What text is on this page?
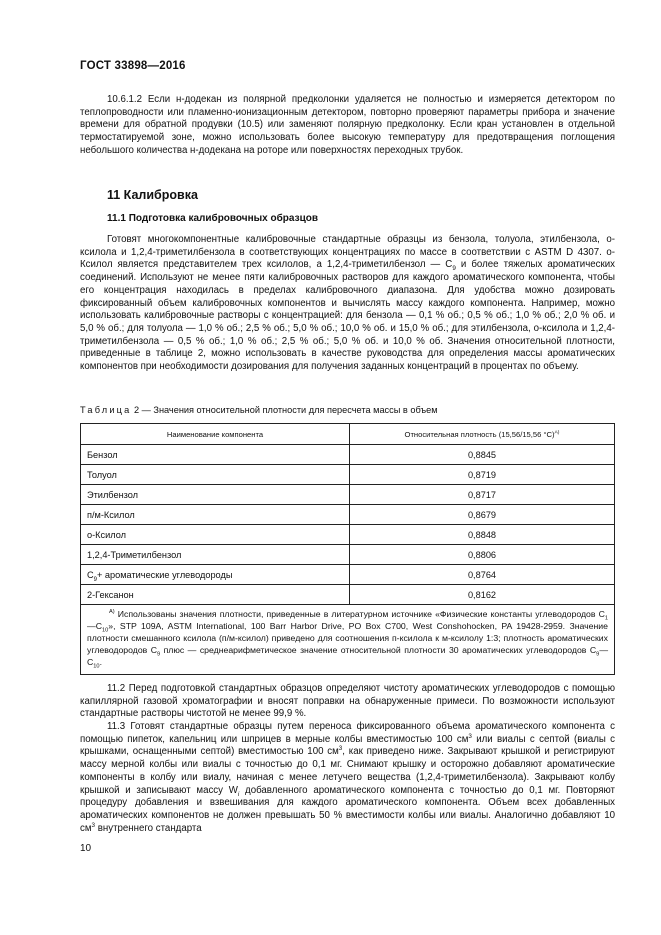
ГОСТ 33898—2016
10.6.1.2 Если н-додекан из полярной предколонки удаляется не полностью и измеряется детектором по теплопроводности или пламенно-ионизационным детектором, повторно проверяют параметры прибора и значение времени для обратной продувки (10.5) или заменяют полярную предколонку. Если кран установлен в отдельной термостатируемой зоне, можно использовать более высокую температуру для предотвращения поглощения небольшого количества н-додекана на роторе или поверхностях переходных трубок.
11 Калибровка
11.1 Подготовка калибровочных образцов
Готовят многокомпонентные калибровочные стандартные образцы из бензола, толуола, этилбензола, о-ксилола и 1,2,4-триметилбензола в соответствующих концентрациях по массе в соответствии с ASTM D 4307. о-Ксилол является представителем трех ксилолов, а 1,2,4-триметилбензол — $C_9$ и более тяжелых ароматических соединений. Используют не менее пяти калибровочных растворов для каждого ароматического компонента, чтобы его концентрация находилась в пределах калибровочного диапазона. Для удобства можно дозировать фиксированный объем калибровочных компонентов и вычислять массу каждого компонента. Например, можно использовать калибровочные растворы с концентрацией: для бензола — 0,1 % об.; 0,5 % об.; 1,0 % об.; 2,0 % об. и 5,0 % об.; для толуола — 1,0 % об.; 2,5 % об.; 5,0 % об.; 10,0 % об. и 15,0 % об.; для этилбензола, о-ксилола и 1,2,4-триметилбензола — 0,5 % об.; 1,0 % об.; 2,5 % об.; 5,0 % об. и 10,0 % об. Значения относительной плотности, приведенные в таблице 2, можно использовать в качестве руководства для определения массы ароматических компонентов при необходимости дозирования для получения заданных концентраций в процентах по объему.
Таблица 2 — Значения относительной плотности для пересчета массы в объем
Наименование компонента	Относительная плотность (15,56/15,56 °С)$^{А)}$
Бензол	0,8845
Толуол	0,8719
Этилбензол	0,8717
п/м-Ксилол	0,8679
о-Ксилол	0,8848
1,2,4-Триметилбензол	0,8806
$C_9+$ ароматические углеводороды	0,8764
2-Гексанон	0,8162
$^{А)}$ Использованы значения плотности, приведенные в литературном источнике «Физические константы углеводородов $C_1—C_{10}$», STP 109A, ASTM International, 100 Barr Harbor Drive, PO Box C700, West Conshohocken, PA 19428-2959. Значение плотности смешанного ксилола (п/м-ксилол) приведено для соотношения п-ксилола к м-ксилолу 1:3; плотность ароматических углеводородов $C_9$ плюс — среднеарифметическое значение относительной плотности 30 ароматических углеводородов $C_9—C_{10}$.	
11.2 Перед подготовкой стандартных образцов определяют чистоту ароматических углеводородов с помощью капиллярной газовой хроматографии и вносят поправки на обнаруженные примеси. По возможности используют стандартные растворы чистотой не менее 99,9 %.
11.3 Готовят стандартные образцы путем переноса фиксированного объема ароматического компонента с помощью пипеток, капельниц или шприцев в мерные колбы вместимостью 100 $см^3$ или виалы с септой (виалы с крышками, оснащенными септой) вместимостью 100 $см^3$, как приведено ниже. Закрывают крышкой и регистрируют массу мерной колбы или виалы с точностью до 0,1 мг. Снимают крышку и осторожно добавляют ароматические компоненты в колбу или виалу, начиная с менее летучего вещества (1,2,4-триметилбензола). Закрывают колбу крышкой и записывают массу $W_i$ добавленного ароматического компонента с точностью до 0,1 мг. Повторяют процедуру добавления и взвешивания для каждого ароматического компонента. Объем всех добавленных ароматических компонентов не должен превышать 50 % вместимости колбы или виалы. Аналогично добавляют 10 $см^3$ внутреннего стандарта
10
